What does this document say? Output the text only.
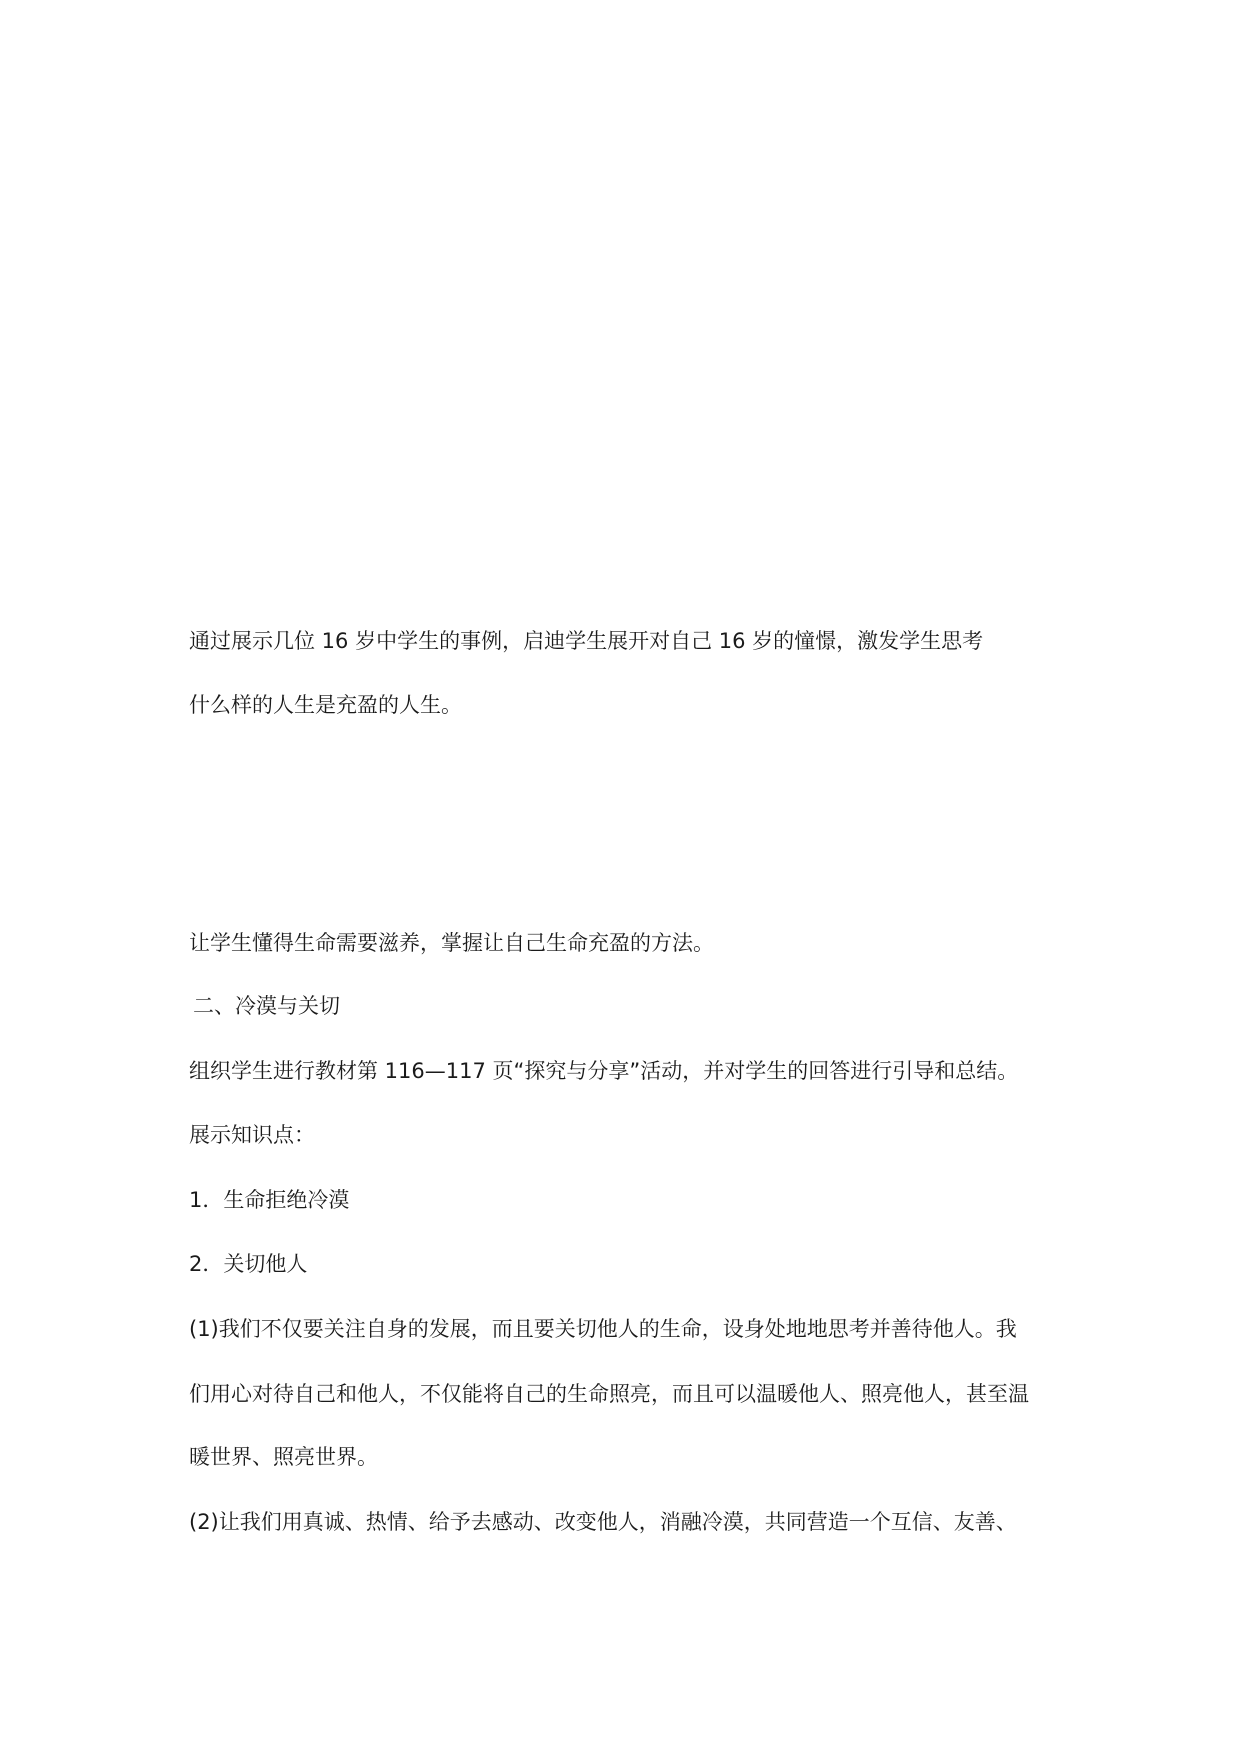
通过展示几位 16 岁中学生的事例，启迪学生展开对自己 16 岁的憧憬，激发学生思考
什么样的人生是充盈的人生。
让学生懂得生命需要滋养，掌握让自己生命充盈的方法。
二、冷漠与关切
组织学生进行教材第 116—117 页“探究与分享”活动，并对学生的回答进行引导和总结。
展示知识点：
1．生命拒绝冷漠
2．关切他人
(1)我们不仅要关注自身的发展，而且要关切他人的生命，设身处地地思考并善待他人。我
们用心对待自己和他人，不仅能将自己的生命照亮，而且可以温暖他人、照亮他人，甚至温
暖世界、照亮世界。
(2)让我们用真诚、热情、给予去感动、改变他人，消融冷漠，共同营造一个互信、友善、
